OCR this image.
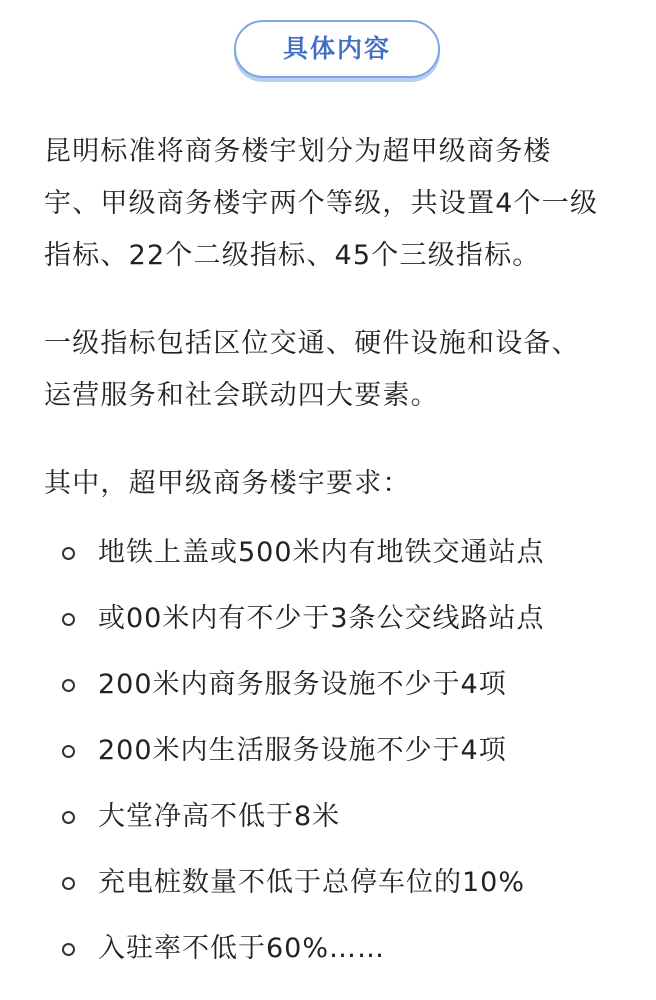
具体内容

昆明标准将商务楼宇划分为超甲级商务楼
宇、甲级商务楼宇两个等级，共设置4个一级
指标、22个二级指标、45个三级指标。

一级指标包括区位交通、硬件设施和设备、
运营服务和社会联动四大要素。

其中，超甲级商务楼宇要求：

地铁上盖或500米内有地铁交通站点
或00米内有不少于3条公交线路站点
200米内商务服务设施不少于4项
200米内生活服务设施不少于4项
大堂净高不低于8米
充电桩数量不低于总停车位的10%
入驻率不低于60%……
